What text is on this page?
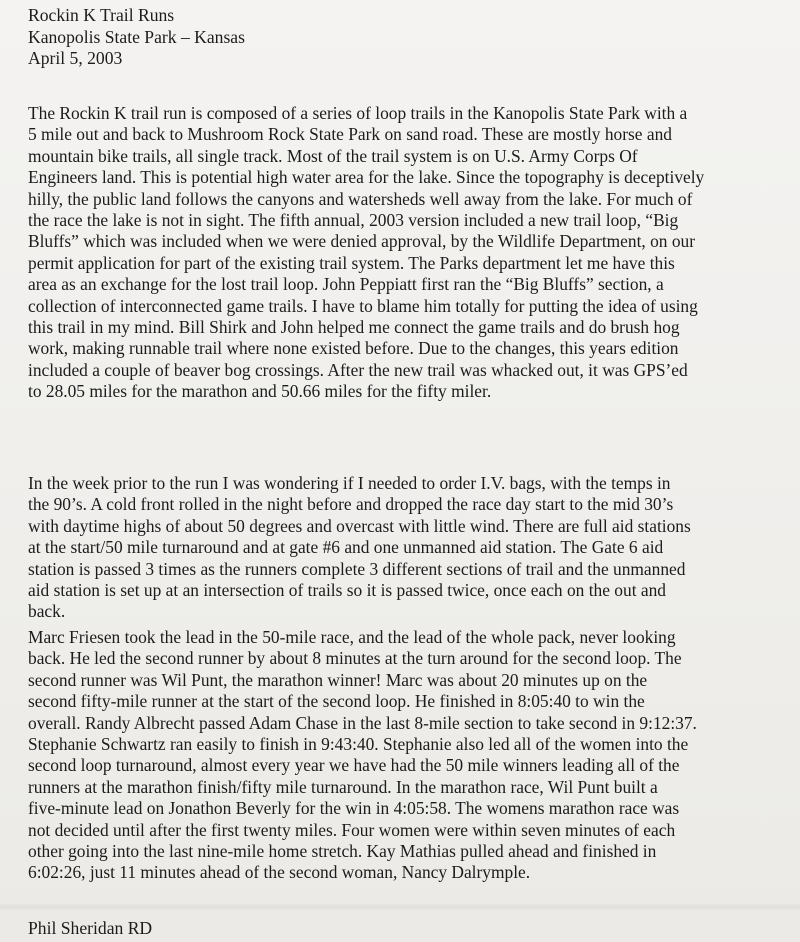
Rockin K Trail Runs
Kanopolis State Park – Kansas
April 5, 2003
The Rockin K trail run is composed of a series of loop trails in the Kanopolis State Park with a
5 mile out and back to Mushroom Rock State Park on sand road. These are mostly horse and
mountain bike trails, all single track. Most of the trail system is on U.S. Army Corps Of
Engineers land. This is potential high water area for the lake. Since the topography is deceptively
hilly, the public land follows the canyons and watersheds well away from the lake. For much of
the race the lake is not in sight. The fifth annual, 2003 version included a new trail loop, “Big
Bluffs” which was included when we were denied approval, by the Wildlife Department, on our
permit application for part of the existing trail system. The Parks department let me have this
area as an exchange for the lost trail loop. John Peppiatt first ran the “Big Bluffs” section, a
collection of interconnected game trails. I have to blame him totally for putting the idea of using
this trail in my mind. Bill Shirk and John helped me connect the game trails and do brush hog
work, making runnable trail where none existed before. Due to the changes, this years edition
included a couple of beaver bog crossings. After the new trail was whacked out, it was GPS’ed
to 28.05 miles for the marathon and 50.66 miles for the fifty miler.
In the week prior to the run I was wondering if I needed to order I.V. bags, with the temps in
the 90’s. A cold front rolled in the night before and dropped the race day start to the mid 30’s
with daytime highs of about 50 degrees and overcast with little wind. There are full aid stations
at the start/50 mile turnaround and at gate #6 and one unmanned aid station. The Gate 6 aid
station is passed 3 times as the runners complete 3 different sections of trail and the unmanned
aid station is set up at an intersection of trails so it is passed twice, once each on the out and
back.
Marc Friesen took the lead in the 50-mile race, and the lead of the whole pack, never looking
back. He led the second runner by about 8 minutes at the turn around for the second loop. The
second runner was Wil Punt, the marathon winner! Marc was about 20 minutes up on the
second fifty-mile runner at the start of the second loop. He finished in 8:05:40 to win the
overall. Randy Albrecht passed Adam Chase in the last 8-mile section to take second in 9:12:37.
Stephanie Schwartz ran easily to finish in 9:43:40. Stephanie also led all of the women into the
second loop turnaround, almost every year we have had the 50 mile winners leading all of the
runners at the marathon finish/fifty mile turnaround. In the marathon race, Wil Punt built a
five-minute lead on Jonathon Beverly for the win in 4:05:58. The womens marathon race was
not decided until after the first twenty miles. Four women were within seven minutes of each
other going into the last nine-mile home stretch. Kay Mathias pulled ahead and finished in
6:02:26, just 11 minutes ahead of the second woman, Nancy Dalrymple.
Phil Sheridan RD
